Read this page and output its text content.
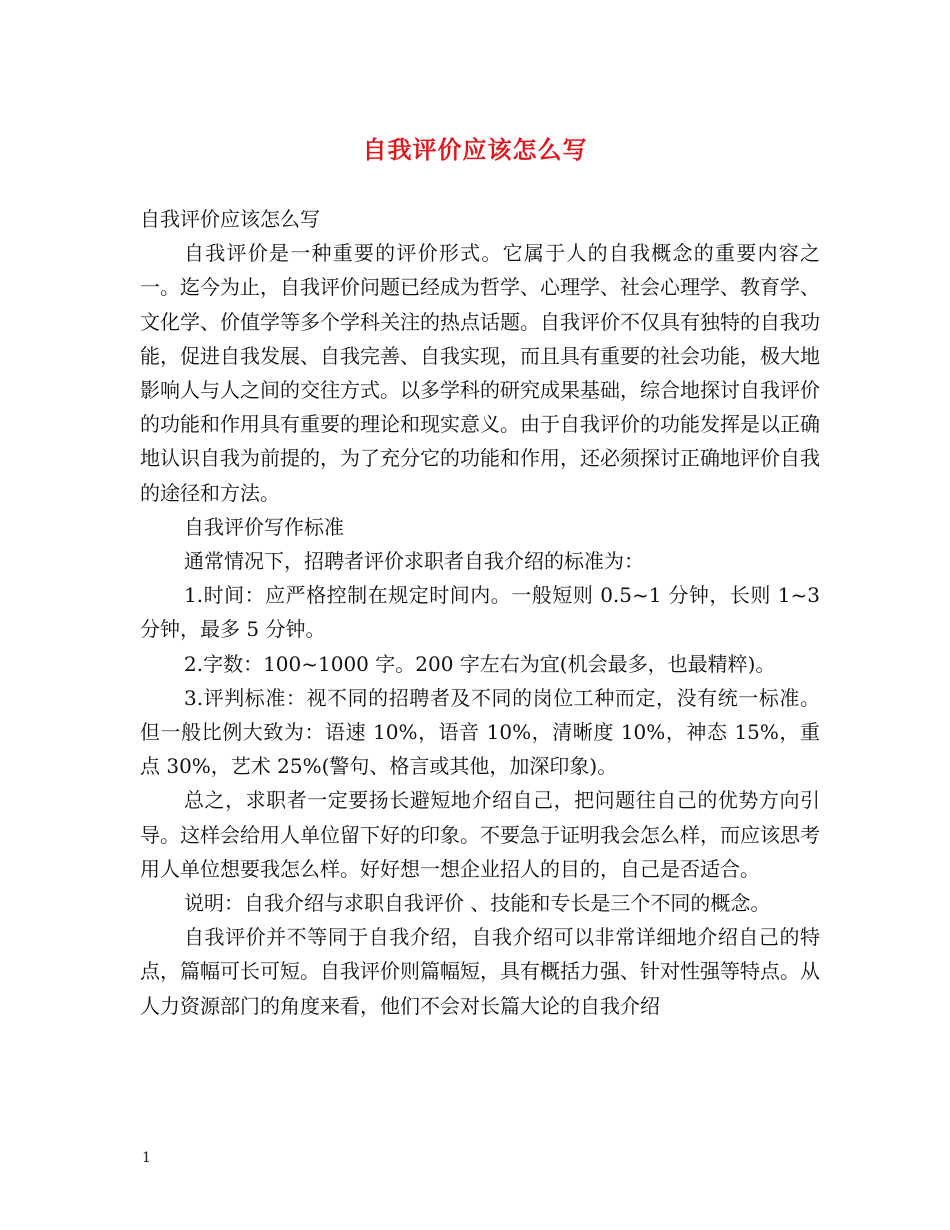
自我评价应该怎么写

自我评价应该怎么写

自我评价是一种重要的评价形式。它属于人的自我概念的重要内容之一。迄今为止，自我评价问题已经成为哲学、心理学、社会心理学、教育学、文化学、价值学等多个学科关注的热点话题。自我评价不仅具有独特的自我功能，促进自我发展、自我完善、自我实现，而且具有重要的社会功能，极大地影响人与人之间的交往方式。以多学科的研究成果基础，综合地探讨自我评价的功能和作用具有重要的理论和现实意义。由于自我评价的功能发挥是以正确地认识自我为前提的，为了充分它的功能和作用，还必须探讨正确地评价自我的途径和方法。

自我评价写作标准

通常情况下，招聘者评价求职者自我介绍的标准为：

1.时间：应严格控制在规定时间内。一般短则 0.5~1 分钟，长则 1~3 分钟，最多 5 分钟。

2.字数：100~1000 字。200 字左右为宜(机会最多，也最精粹)。

3.评判标准：视不同的招聘者及不同的岗位工种而定，没有统一标准。但一般比例大致为：语速 10%，语音 10%，清晰度 10%，神态 15%，重点 30%，艺术 25%(警句、格言或其他，加深印象)。

总之，求职者一定要扬长避短地介绍自己，把问题往自己的优势方向引导。这样会给用人单位留下好的印象。不要急于证明我会怎么样，而应该思考用人单位想要我怎么样。好好想一想企业招人的目的，自己是否适合。

说明：自我介绍与求职自我评价 、技能和专长是三个不同的概念。

自我评价并不等同于自我介绍，自我介绍可以非常详细地介绍自己的特点，篇幅可长可短。自我评价则篇幅短，具有概括力强、针对性强等特点。从人力资源部门的角度来看，他们不会对长篇大论的自我介绍

1
